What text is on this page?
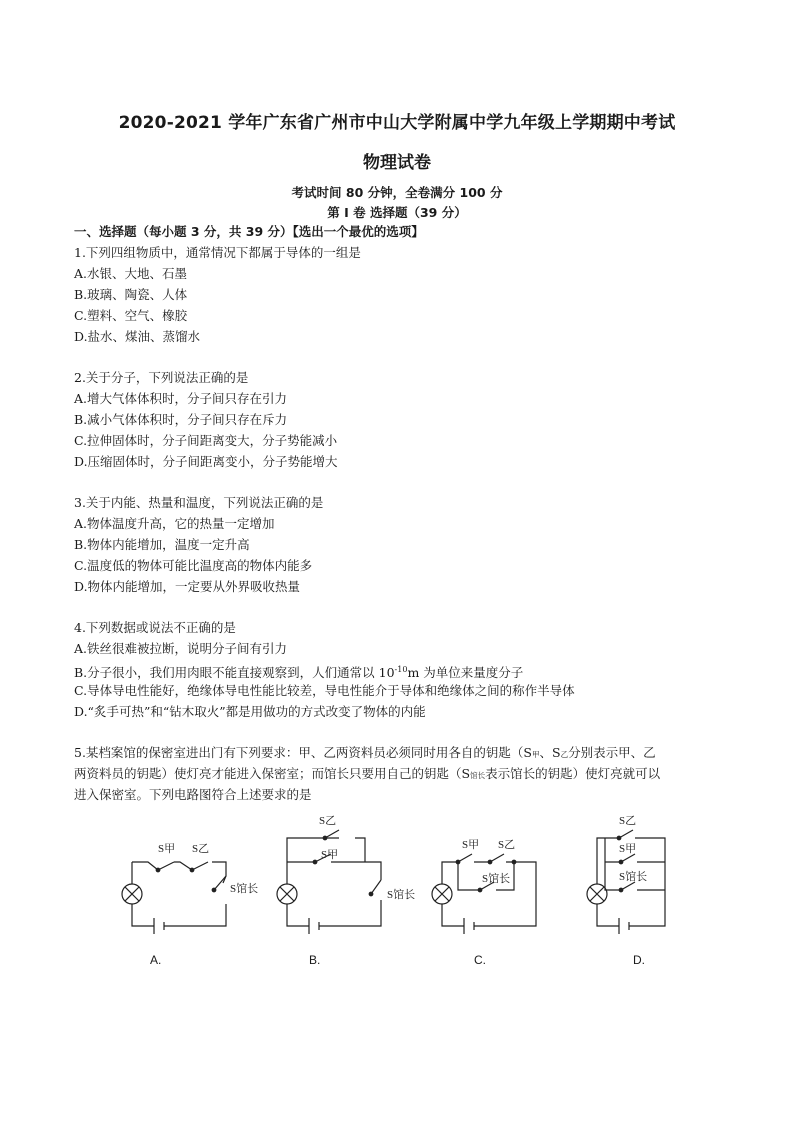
2020-2021 学年广东省广州市中山大学附属中学九年级上学期期中考试
物理试卷
考试时间 80 分钟，全卷满分 100 分
第 I 卷 选择题（39 分）
一、选择题（每小题 3 分，共 39 分）【选出一个最优的选项】
1.下列四组物质中，通常情况下都属于导体的一组是
A.水银、大地、石墨
B.玻璃、陶瓷、人体
C.塑料、空气、橡胶
D.盐水、煤油、蒸馏水
2.关于分子，下列说法正确的是
A.增大气体体积时，分子间只存在引力
B.减小气体体积时，分子间只存在斥力
C.拉伸固体时，分子间距离变大，分子势能减小
D.压缩固体时，分子间距离变小，分子势能增大
3.关于内能、热量和温度，下列说法正确的是
A.物体温度升高，它的热量一定增加
B.物体内能增加，温度一定升高
C.温度低的物体可能比温度高的物体内能多
D.物体内能增加，一定要从外界吸收热量
4.下列数据或说法不正确的是
A.铁丝很难被拉断，说明分子间有引力
B.分子很小，我们用肉眼不能直接观察到，人们通常以 $10^{-10}m$ 为单位来量度分子
C.导体导电性能好，绝缘体导电性能比较差，导电性能介于导体和绝缘体之间的称作半导体
D.“炙手可热”和“钻木取火”都是用做功的方式改变了物体的内能
5.某档案馆的保密室进出门有下列要求：甲、乙两资料员必须同时用各自的钥匙（S甲、S乙分别表示甲、乙
两资料员的钥匙）使灯亮才能进入保密室；而馆长只要用自己的钥匙（S馆长表示馆长的钥匙）使灯亮就可以
进入保密室。下列电路图符合上述要求的是
S甲 S乙
S馆长
S乙
S甲
S馆长
S甲 S乙
S馆长
S乙
S甲
S馆长
A.	B.	C.	D.
